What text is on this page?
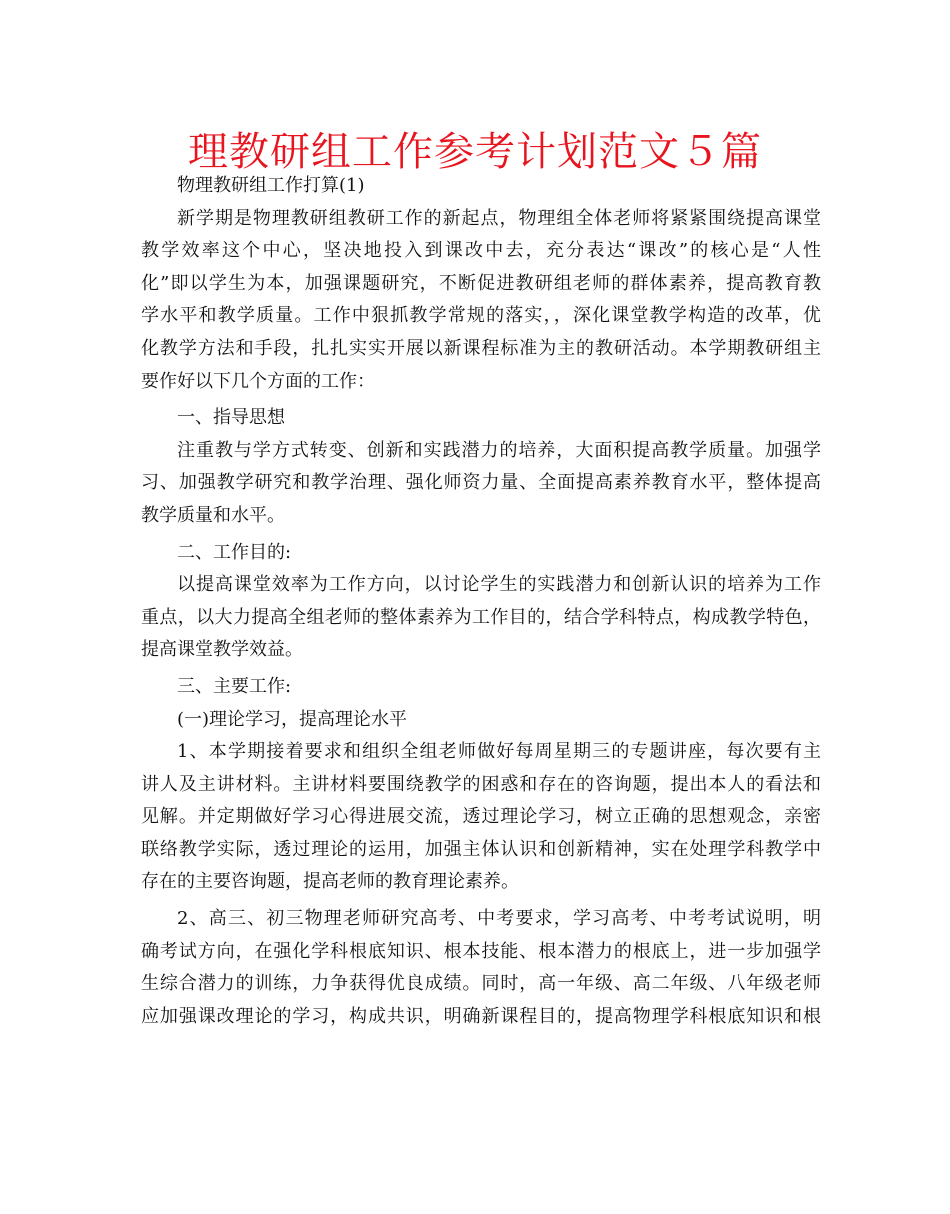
理教研组工作参考计划范文５篇

物理教研组工作打算(1)

新学期是物理教研组教研工作的新起点，物理组全体老师将紧紧围绕提高课堂

教学效率这个中心，坚决地投入到课改中去，充分表达“课改”的核心是“人性

化”即以学生为本，加强课题研究，不断促进教研组老师的群体素养，提高教育教

学水平和教学质量。工作中狠抓教学常规的落实，，深化课堂教学构造的改革，优

化教学方法和手段，扎扎实实开展以新课程标准为主的教研活动。本学期教研组主

要作好以下几个方面的工作：

一、指导思想

注重教与学方式转变、创新和实践潜力的培养，大面积提高教学质量。加强学

习、加强教学研究和教学治理、强化师资力量、全面提高素养教育水平，整体提高

教学质量和水平。

二、工作目的:

以提高课堂效率为工作方向，以讨论学生的实践潜力和创新认识的培养为工作

重点，以大力提高全组老师的整体素养为工作目的，结合学科特点，构成教学特色，

提高课堂教学效益。

三、主要工作:

(一)理论学习，提高理论水平

1、本学期接着要求和组织全组老师做好每周星期三的专题讲座，每次要有主

讲人及主讲材料。主讲材料要围绕教学的困惑和存在的咨询题，提出本人的看法和

见解。并定期做好学习心得进展交流，透过理论学习，树立正确的思想观念，亲密

联络教学实际，透过理论的运用，加强主体认识和创新精神，实在处理学科教学中

存在的主要咨询题，提高老师的教育理论素养。

2、高三、初三物理老师研究高考、中考要求，学习高考、中考考试说明，明

确考试方向，在强化学科根底知识、根本技能、根本潜力的根底上，进一步加强学

生综合潜力的训练，力争获得优良成绩。同时，高一年级、高二年级、八年级老师

应加强课改理论的学习，构成共识，明确新课程目的，提高物理学科根底知识和根
